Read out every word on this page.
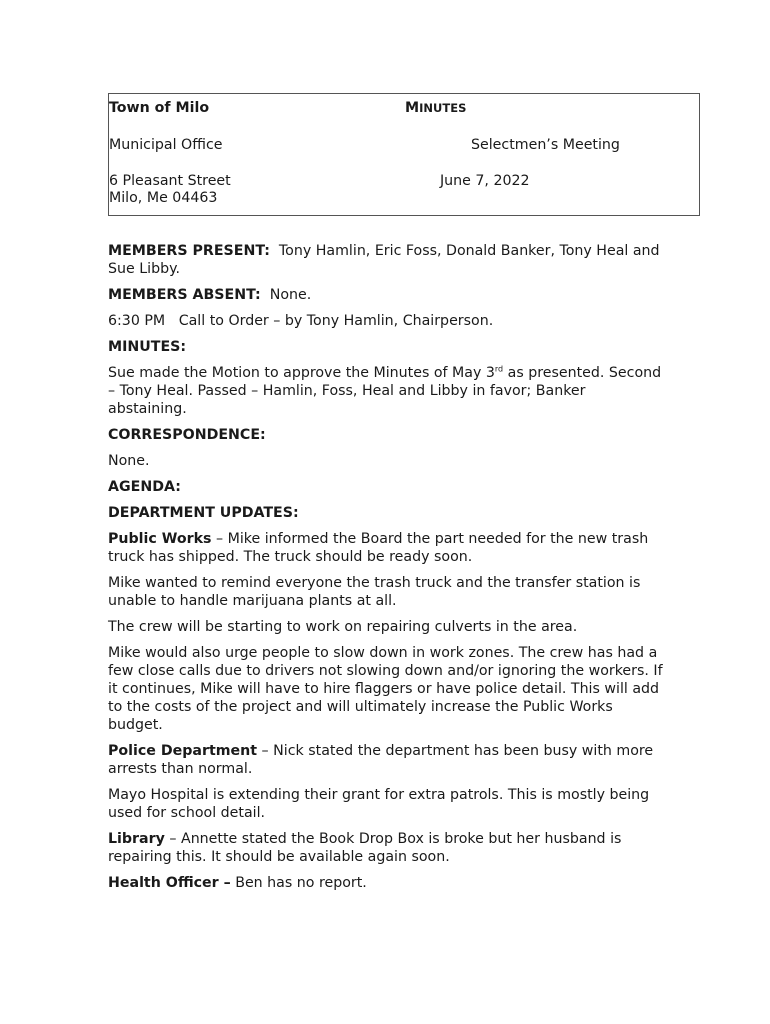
Town of Milo	MINUTES
Municipal Office	Selectmen’s Meeting
6 Pleasant Street
Milo, Me 04463
June 7, 2022

MEMBERS PRESENT: Tony Hamlin, Eric Foss, Donald Banker, Tony Heal and Sue Libby.

MEMBERS ABSENT: None.

6:30 PM   Call to Order – by Tony Hamlin, Chairperson.

MINUTES:

Sue made the Motion to approve the Minutes of May 3rd as presented. Second – Tony Heal. Passed – Hamlin, Foss, Heal and Libby in favor; Banker abstaining.

CORRESPONDENCE:

None.

AGENDA:

DEPARTMENT UPDATES:

Public Works – Mike informed the Board the part needed for the new trash truck has shipped. The truck should be ready soon.

Mike wanted to remind everyone the trash truck and the transfer station is unable to handle marijuana plants at all.

The crew will be starting to work on repairing culverts in the area.

Mike would also urge people to slow down in work zones. The crew has had a few close calls due to drivers not slowing down and/or ignoring the workers. If it continues, Mike will have to hire flaggers or have police detail. This will add to the costs of the project and will ultimately increase the Public Works budget.

Police Department – Nick stated the department has been busy with more arrests than normal.

Mayo Hospital is extending their grant for extra patrols. This is mostly being used for school detail.

Library – Annette stated the Book Drop Box is broke but her husband is repairing this. It should be available again soon.

Health Officer – Ben has no report.
